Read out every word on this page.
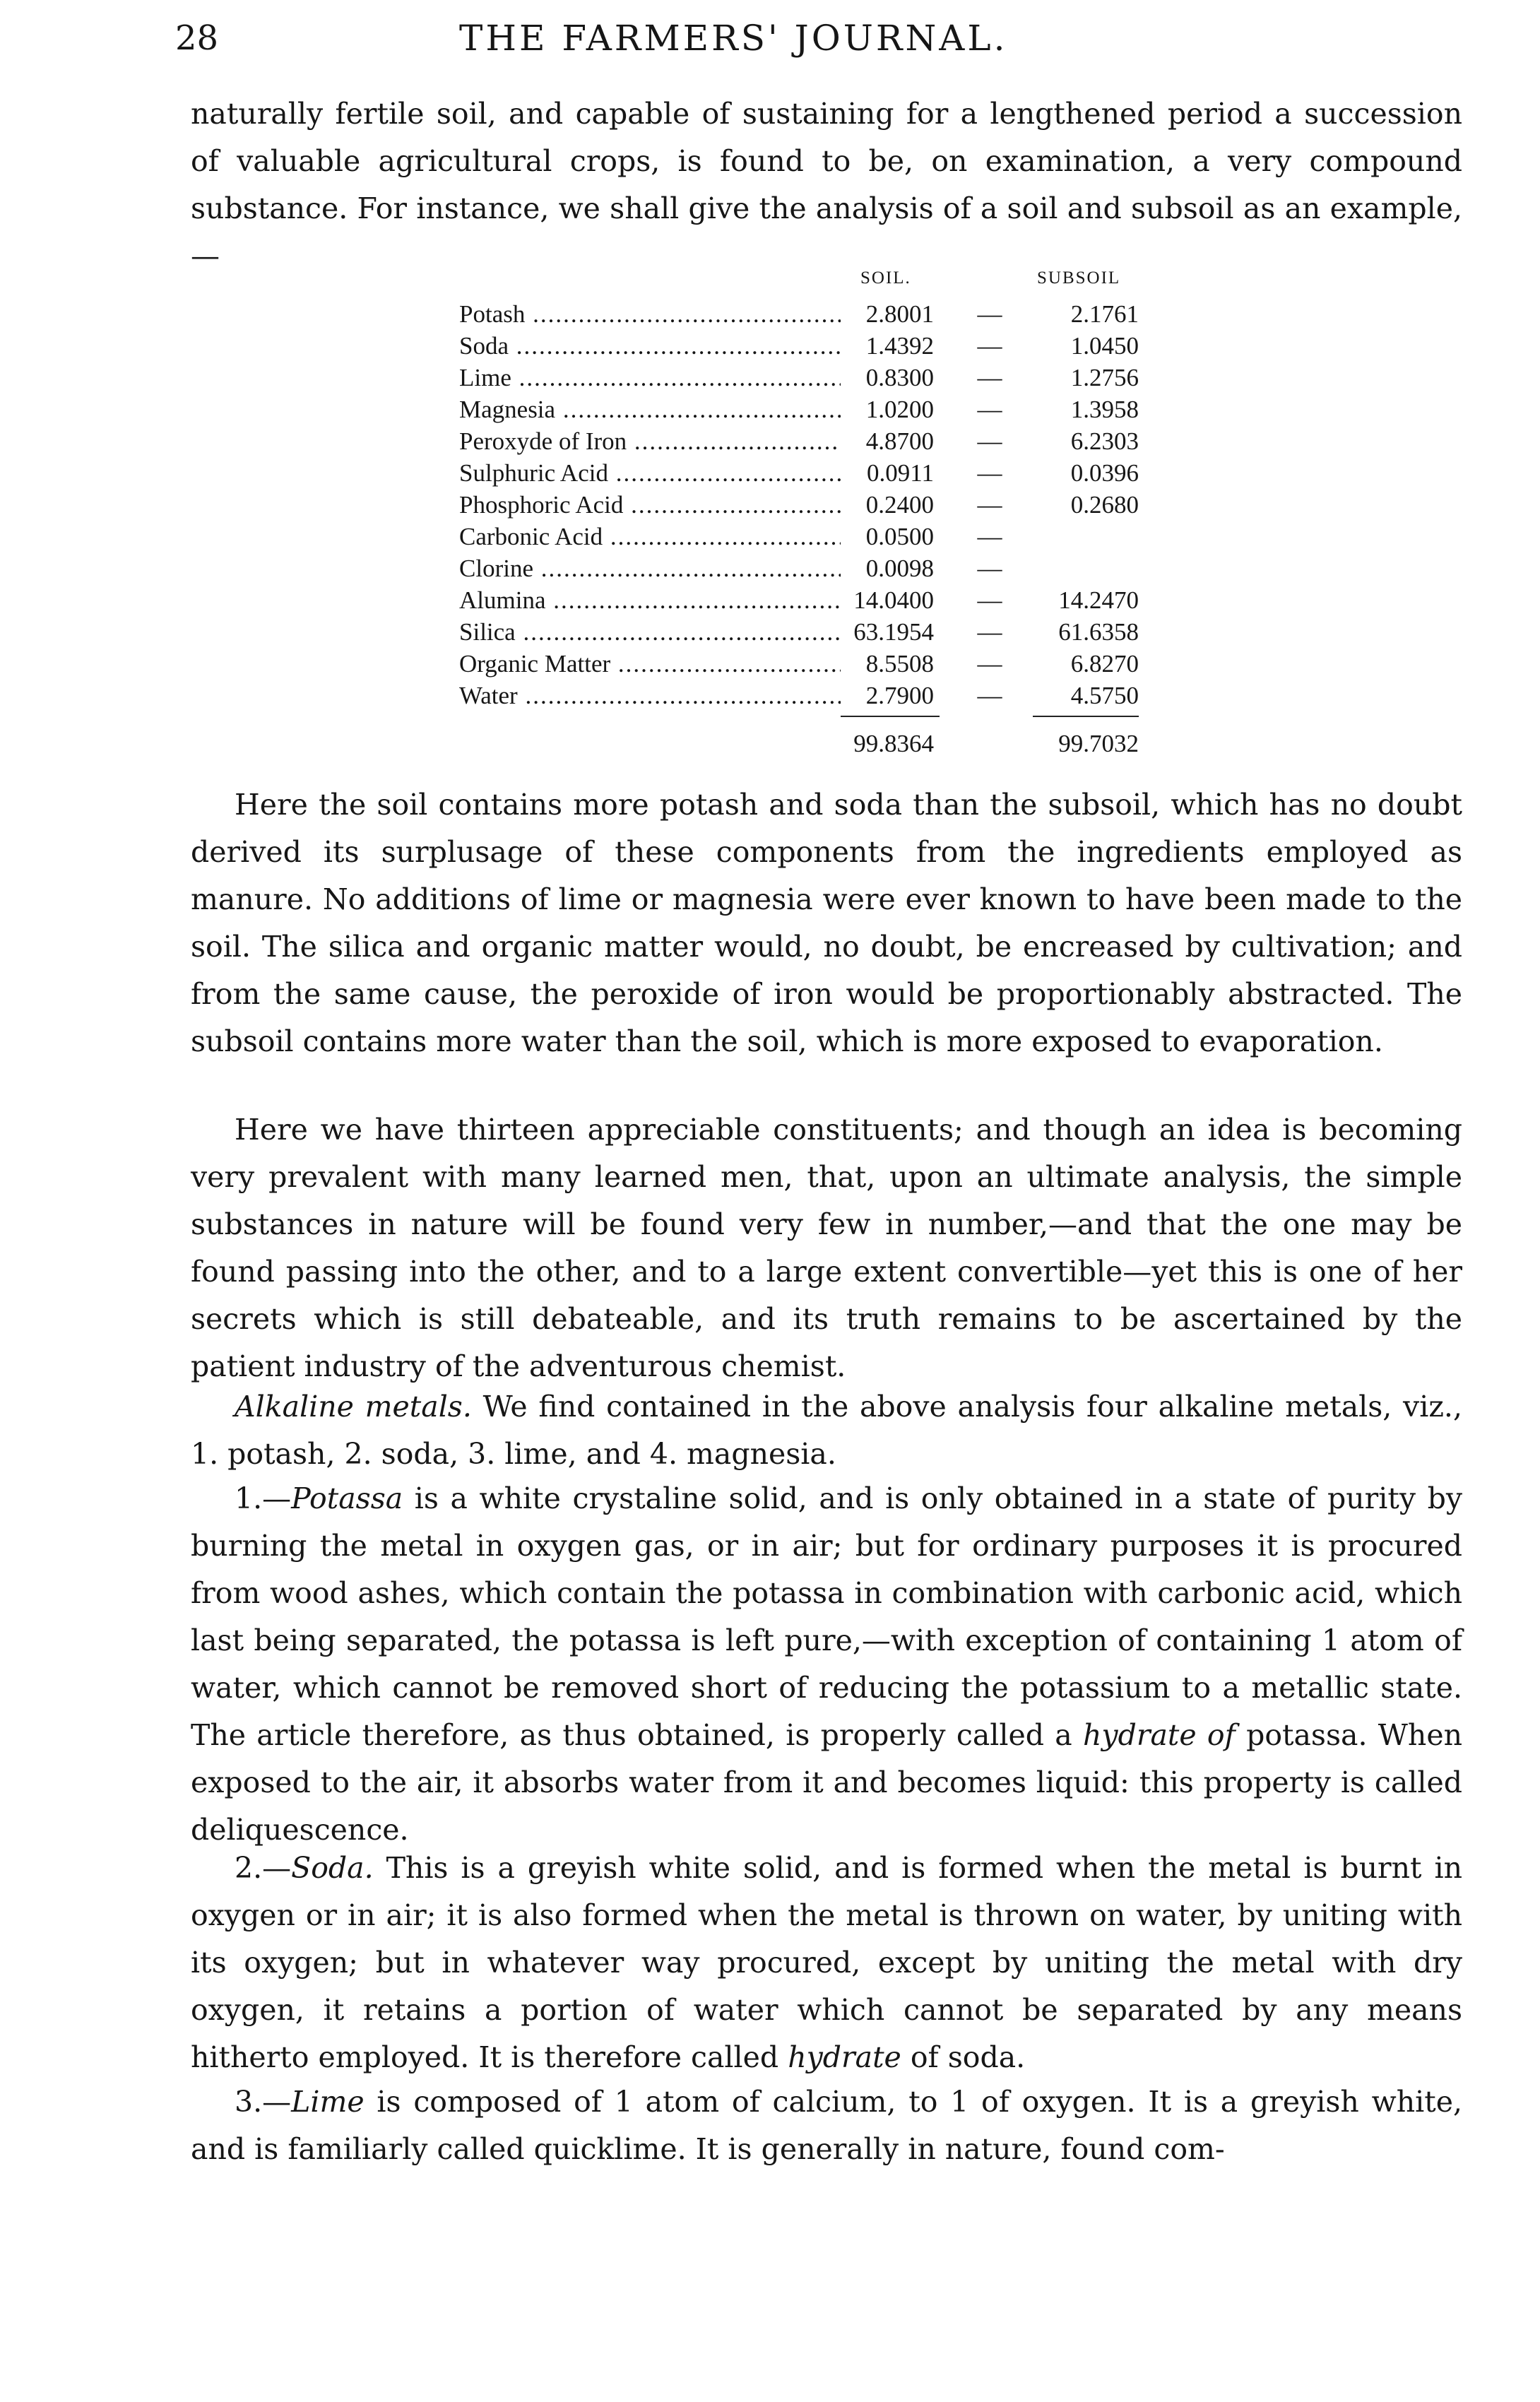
28	THE FARMERS' JOURNAL.

naturally fertile soil, and capable of sustaining for a lengthened period a succession of valuable agricultural crops, is found to be, on examination, a very compound substance. For instance, we shall give the analysis of a soil and subsoil as an example,—

SOIL.	SUBSOIL
Potash .....	2.8001 —	2.1761
Soda .....	1.4392 —	1.0450
Lime .....	0.8300 —	1.2756
Magnesia .....	1.0200 —	1.3958
Peroxyde of Iron .....	4.8700 —	6.2303
Sulphuric Acid .....	0.0911 —	0.0396
Phosphoric Acid .....	0.2400 —	0.2680
Carbonic Acid .....	0.0500 —
Clorine .....	0.0098 —
Alumina .....	14.0400 —	14.2470
Silica .....	63.1954 —	61.6358
Organic Matter .....	8.5508 —	6.8270
Water .....	2.7900 —	4.5750
99.8364	99.7032

Here the soil contains more potash and soda than the subsoil, which has no doubt derived its surplusage of these components from the ingredients employed as manure. No additions of lime or magnesia were ever known to have been made to the soil. The silica and organic matter would, no doubt, be encreased by cultivation; and from the same cause, the peroxide of iron would be proportionably abstracted. The subsoil contains more water than the soil, which is more exposed to evaporation.

Here we have thirteen appreciable constituents; and though an idea is becoming very prevalent with many learned men, that, upon an ultimate analysis, the simple substances in nature will be found very few in number,—and that the one may be found passing into the other, and to a large extent convertible—yet this is one of her secrets which is still debateable, and its truth remains to be ascertained by the patient industry of the adventurous chemist.

Alkaline metals. We find contained in the above analysis four alkaline metals, viz., 1. potash, 2. soda, 3. lime, and 4. magnesia.

1.—Potassa is a white crystaline solid, and is only obtained in a state of purity by burning the metal in oxygen gas, or in air; but for ordinary purposes it is procured from wood ashes, which contain the potassa in combination with carbonic acid, which last being separated, the potassa is left pure,—with exception of containing 1 atom of water, which cannot be removed short of reducing the potassium to a metallic state. The article therefore, as thus obtained, is properly called a hydrate of potassa. When exposed to the air, it absorbs water from it and becomes liquid: this property is called deliquescence.

2.—Soda. This is a greyish white solid, and is formed when the metal is burnt in oxygen or in air; it is also formed when the metal is thrown on water, by uniting with its oxygen; but in whatever way procured, except by uniting the metal with dry oxygen, it retains a portion of water which cannot be separated by any means hitherto employed. It is therefore called hydrate of soda.

3.—Lime is composed of 1 atom of calcium, to 1 of oxygen. It is a greyish white, and is familiarly called quicklime. It is generally in nature, found com-
